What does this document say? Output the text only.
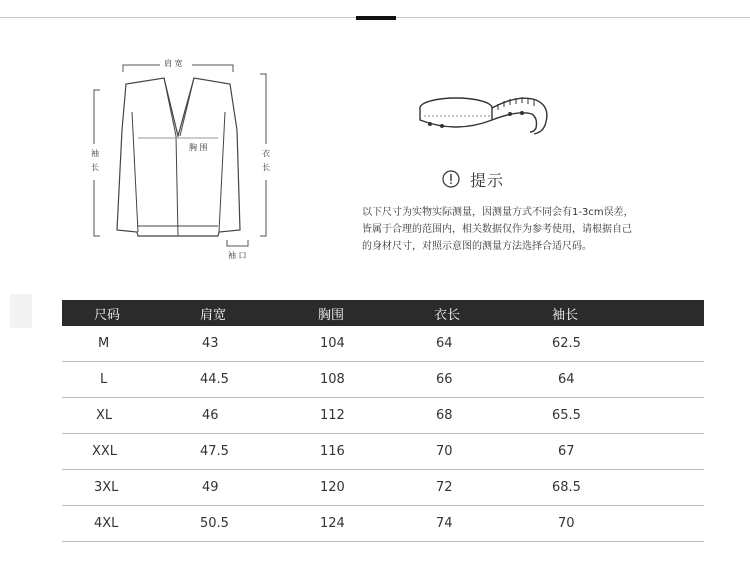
肩 宽
胸 围
袖
长
衣
长
袖 口
提示
以下尺寸为实物实际测量，因测量方式不同会有1-3cm误差，
皆属于合理的范围内，相关数据仅作为参考使用，请根据自己
的身材尺寸，对照示意图的测量方法选择合适尺码。
尺码	肩宽	胸围	衣长	袖长
M	43	104	64	62.5
L	44.5	108	66	64
XL	46	112	68	65.5
XXL	47.5	116	70	67
3XL	49	120	72	68.5
4XL	50.5	124	74	70
